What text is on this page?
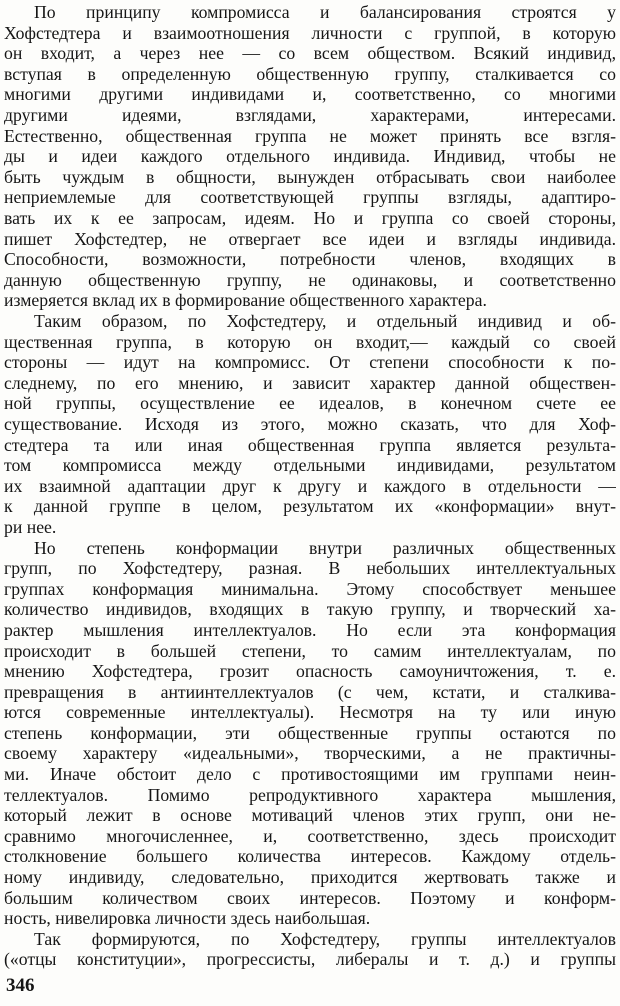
По принципу компромисса и балансирования строятся у
Хофстедтера и взаимоотношения личности с группой, в которую
он входит, а через нее — со всем обществом. Всякий индивид,
вступая в определенную общественную группу, сталкивается со
многими другими индивидами и, соответственно, со многими
другими идеями, взглядами, характерами, интересами.
Естественно, общественная группа не может принять все взгля-
ды и идеи каждого отдельного индивида. Индивид, чтобы не
быть чуждым в общности, вынужден отбрасывать свои наиболее
неприемлемые для соответствующей группы взгляды, адаптиро-
вать их к ее запросам, идеям. Но и группа со своей стороны,
пишет Хофстедтер, не отвергает все идеи и взгляды индивида.
Способности, возможности, потребности членов, входящих в
данную общественную группу, не одинаковы, и соответственно
измеряется вклад их в формирование общественного характера.
Таким образом, по Хофстедтеру, и отдельный индивид и об-
щественная группа, в которую он входит,— каждый со своей
стороны — идут на компромисс. От степени способности к по-
следнему, по его мнению, и зависит характер данной обществен-
ной группы, осуществление ее идеалов, в конечном счете ее
существование. Исходя из этого, можно сказать, что для Хоф-
стедтера та или иная общественная группа является результа-
том компромисса между отдельными индивидами, результатом
их взаимной адаптации друг к другу и каждого в отдельности —
к данной группе в целом, результатом их «конформации» внут-
ри нее.
Но степень конформации внутри различных общественных
групп, по Хофстедтеру, разная. В небольших интеллектуальных
группах конформация минимальна. Этому способствует меньшее
количество индивидов, входящих в такую группу, и творческий ха-
рактер мышления интеллектуалов. Но если эта конформация
происходит в большей степени, то самим интеллектуалам, по
мнению Хофстедтера, грозит опасность самоуничтожения, т. е.
превращения в антиинтеллектуалов (с чем, кстати, и сталкива-
ются современные интеллектуалы). Несмотря на ту или иную
степень конформации, эти общественные группы остаются по
своему характеру «идеальными», творческими, а не практичны-
ми. Иначе обстоит дело с противостоящими им группами неин-
теллектуалов. Помимо репродуктивного характера мышления,
который лежит в основе мотиваций членов этих групп, они не-
сравнимо многочисленнее, и, соответственно, здесь происходит
столкновение большего количества интересов. Каждому отдель-
ному индивиду, следовательно, приходится жертвовать также и
большим количеством своих интересов. Поэтому и конформ-
ность, нивелировка личности здесь наибольшая.
Так формируются, по Хофстедтеру, группы интеллектуалов
(«отцы конституции», прогрессисты, либералы и т. д.) и группы
346
